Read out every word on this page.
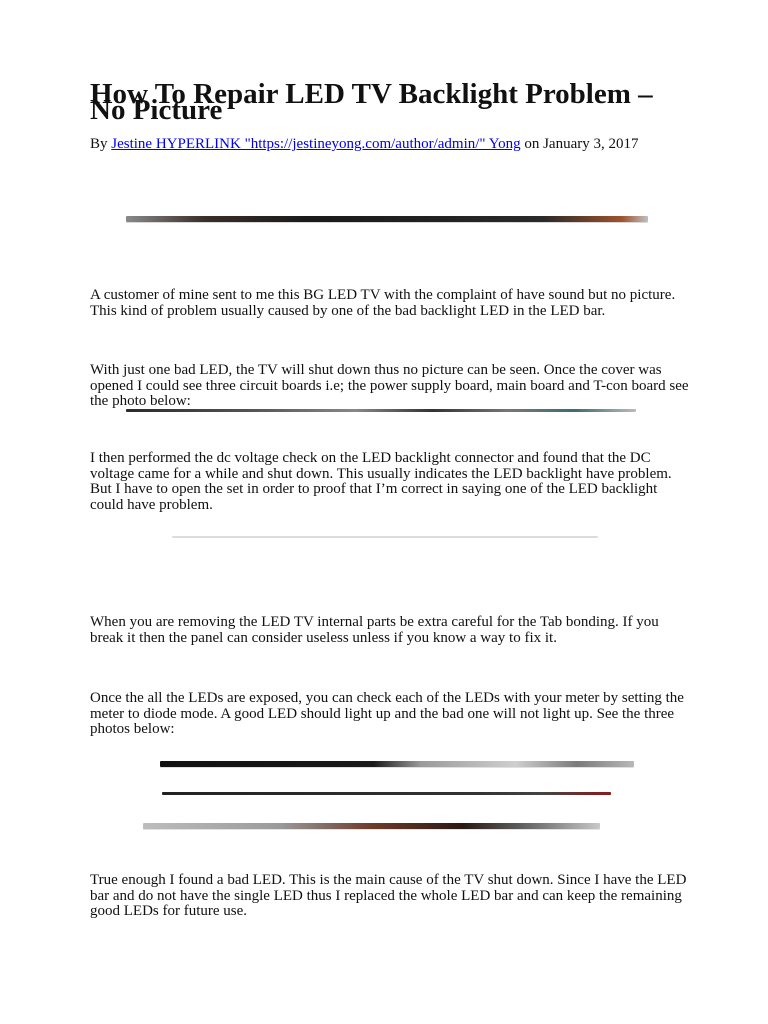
How To Repair LED TV Backlight Problem – No Picture

By Jestine HYPERLINK "https://jestineyong.com/author/admin/" Yong on January 3, 2017

A customer of mine sent to me this BG LED TV with the complaint of have sound but no picture. This kind of problem usually caused by one of the bad backlight LED in the LED bar.

With just one bad LED, the TV will shut down thus no picture can be seen. Once the cover was opened I could see three circuit boards i.e; the power supply board, main board and T-con board see the photo below:

I then performed the dc voltage check on the LED backlight connector and found that the DC voltage came for a while and shut down. This usually indicates the LED backlight have problem. But I have to open the set in order to proof that I’m correct in saying one of the LED backlight could have problem.

When you are removing the LED TV internal parts be extra careful for the Tab bonding. If you break it then the panel can consider useless unless if you know a way to fix it.

Once the all the LEDs are exposed, you can check each of the LEDs with your meter by setting the meter to diode mode. A good LED should light up and the bad one will not light up. See the three photos below:

True enough I found a bad LED. This is the main cause of the TV shut down. Since I have the LED bar and do not have the single LED thus I replaced the whole LED bar and can keep the remaining good LEDs for future use.
